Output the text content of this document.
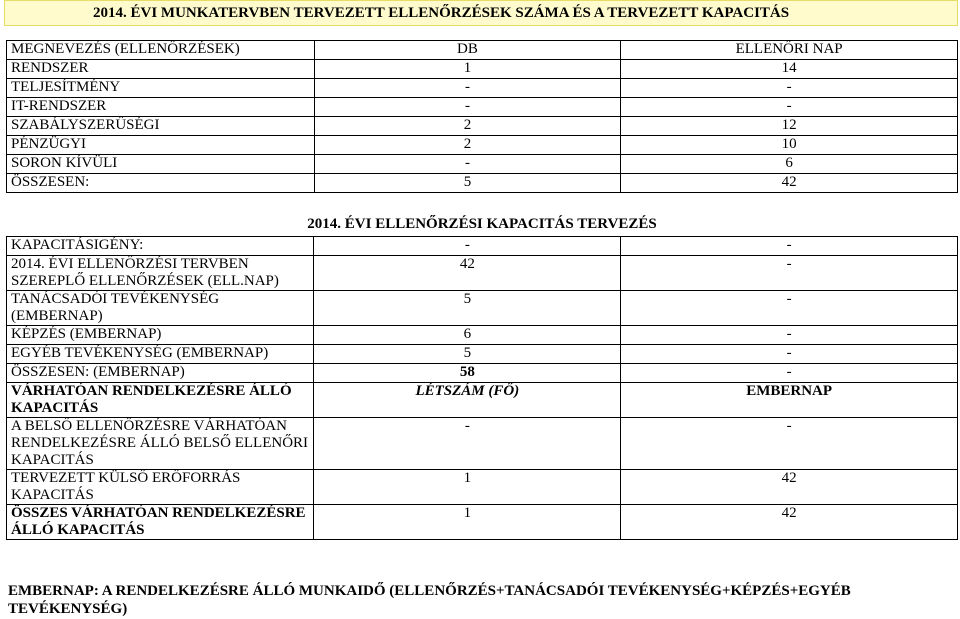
2014. ÉVI MUNKATERVBEN TERVEZETT ELLENŐRZÉSEK SZÁMA ÉS A TERVEZETT KAPACITÁS
MEGNEVEZÉS (ELLENŐRZÉSEK)	DB	ELLENŐRI NAP
RENDSZER	1	14
TELJESÍTMÉNY	-	-
IT-RENDSZER	-	-
SZABÁLYSZERŰSÉGI	2	12
PÉNZÜGYI	2	10
SORON KÍVÜLI	-	6
ÖSSZESEN:	5	42
2014. ÉVI ELLENŐRZÉSI KAPACITÁS TERVEZÉS
KAPACITÁSIGÉNY:	-	-
2014. ÉVI ELLENŐRZÉSI TERVBEN SZEREPLŐ ELLENŐRZÉSEK (ELL.NAP)	42	-
TANÁCSADÓI TEVÉKENYSÉG (EMBERNAP)	5	-
KÉPZÉS (EMBERNAP)	6	-
EGYÉB TEVÉKENYSÉG (EMBERNAP)	5	-
ÖSSZESEN: (EMBERNAP)	58	-
VÁRHATÓAN RENDELKEZÉSRE ÁLLÓ KAPACITÁS	LÉTSZÁM (FŐ)	EMBERNAP
A BELSŐ ELLENŐRZÉSRE VÁRHATÓAN RENDELKEZÉSRE ÁLLÓ BELSŐ ELLENŐRI KAPACITÁS	-	-
TERVEZETT KÜLSŐ ERŐFORRÁS KAPACITÁS	1	42
ÖSSZES VÁRHATÓAN RENDELKEZÉSRE ÁLLÓ KAPACITÁS	1	42
EMBERNAP: A RENDELKEZÉSRE ÁLLÓ MUNKAIDŐ (ELLENŐRZÉS+TANÁCSADÓI TEVÉKENYSÉG+KÉPZÉS+EGYÉB TEVÉKENYSÉG)
